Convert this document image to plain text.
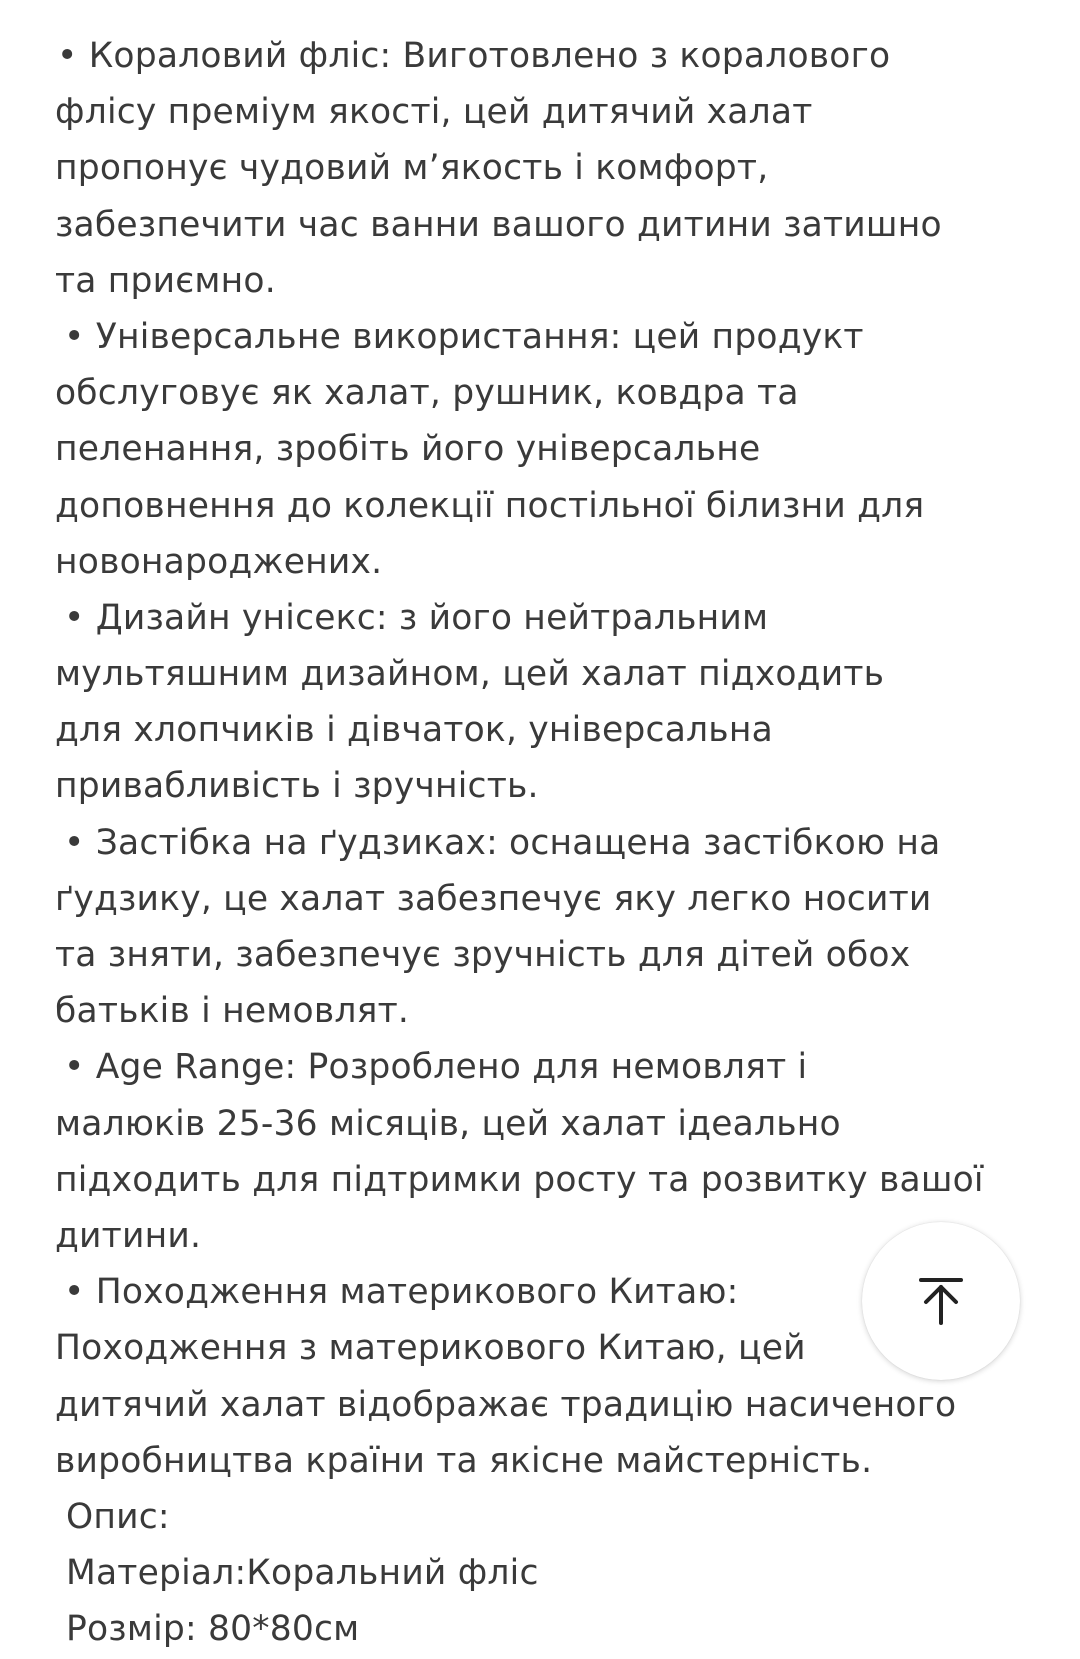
• Кораловий фліс: Виготовлено з коралового
флісу преміум якості, цей дитячий халат
пропонує чудовий м’якость і комфорт,
забезпечити час ванни вашого дитини затишно
та приємно.
• Універсальне використання: цей продукт
обслуговує як халат, рушник, ковдра та
пеленання, зробіть його універсальне
доповнення до колекції постільної білизни для
новонароджених.
• Дизайн унісекс: з його нейтральним
мультяшним дизайном, цей халат підходить
для хлопчиків і дівчаток, універсальна
привабливість і зручність.
• Застібка на ґудзиках: оснащена застібкою на
ґудзику, це халат забезпечує яку легко носити
та зняти, забезпечує зручність для дітей обох
батьків і немовлят.
• Age Range: Розроблено для немовлят і
малюків 25-36 місяців, цей халат ідеально
підходить для підтримки росту та розвитку вашої
дитини.
• Походження материкового Китаю:
Походження з материкового Китаю, цей
дитячий халат відображає традицію насиченого
виробництва країни та якісне майстерність.
Опис:
Матеріал:Коральний фліс
Розмір: 80*80см
